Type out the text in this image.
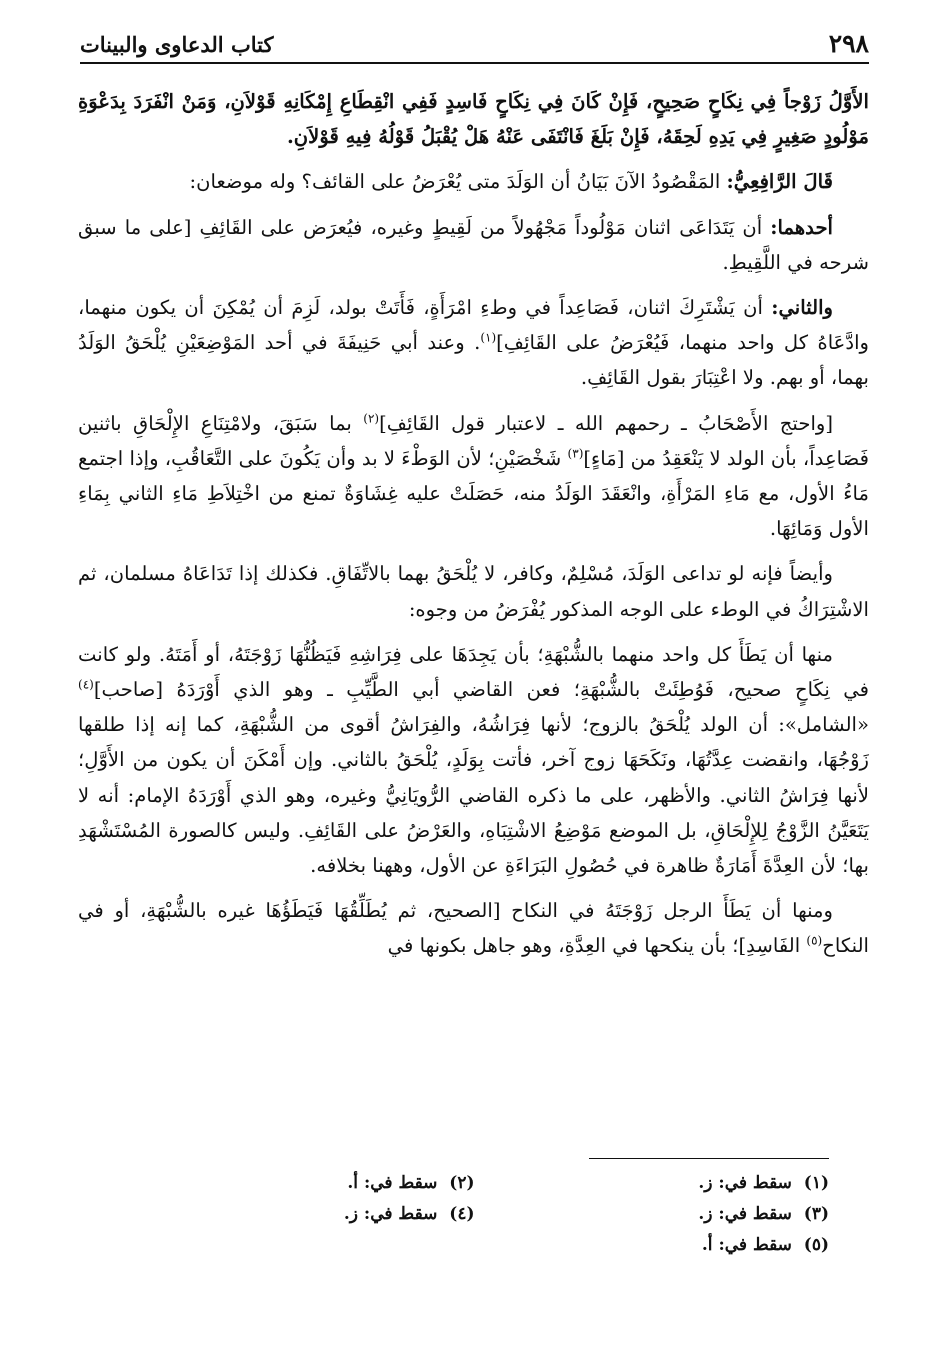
٢٩٨
كتاب الدعاوى والبينات

الأَوَّلُ زَوْجاً فِي نِكَاحٍ صَحِيحٍ، فَإِنْ كَانَ فِي نِكَاحٍ فَاسِدٍ فَفِي انْقِطَاعِ إِمْكَانِهِ قَوْلاَنِ، وَمَنْ انْفَرَدَ بِدَعْوَةِ مَوْلُودٍ صَغِيرٍ فِي يَدِهِ لَحِقَهُ، فَإِنْ بَلَغَ فَانْتَفَى عَنْهُ هَلْ يُقْبَلُ قَوْلُهُ فِيهِ قَوْلاَنِ.

قَالَ الرَّافِعِيُّ: المَقْصُودُ الآنَ بَيَانُ أن الوَلَدَ متى يُعْرَضُ على القائف؟ وله موضعان:

أحدهما: أن يَتَدَاعَى اثنان مَوْلُوداً مَجْهُولاً من لَقِيطٍ وغيره، فيُعرَض على القَائِفِ [على ما سبق شرحه في اللَّقِيطِ.

والثاني: أن يَشْتَرِكَ اثنان، فَصَاعِداً في وطءِ امْرَأَةٍ، فَأَتَتْ بولد، لَزِمَ أن يُمْكِنَ أن يكون منهما، وادَّعَاهُ كل واحد منهما، فَيُعْرَضُ على القَائِفِ]$^{(١)}$. وعند أبي حَنِيفَةَ في أحد المَوْضِعَيْنِ يُلْحَقُ الوَلَدُ بهما، أو بهم. ولا اعْتِبَارَ بقول القَائِفِ.

[واحتج الأَصْحَابُ ـ رحمهم الله ـ لاعتبار قول القَائِفِ]$^{(٢)}$ بما سَبَقَ، ولامْتِنَاعِ الإِلْحَاقِ باثنين فَصَاعِداً، بأن الولد لا يَنْعَقِدُ من [مَاءٍ]$^{(٣)}$ شَخْصَيْنِ؛ لأن الوَطْءَ لا بد وأن يَكُونَ على التَّعَاقُبِ، وإذا اجتمع مَاءُ الأول، مع مَاءِ المَرْأَةِ، وانْعَقَدَ الوَلَدُ منه، حَصَلَتْ عليه غِشَاوَةٌ تمنع من اخْتِلاَطِ مَاءِ الثاني بِمَاءِ الأول وَمَائِهَا.

وأيضاً فإنه لو تداعى الوَلَدَ، مُسْلِمٌ، وكافر، لا يُلْحَقُ بهما بالاتِّفَاقِ. فكذلك إذا تَدَاعَاهُ مسلمان، ثم الاشْتِرَاكُ في الوطء على الوجه المذكور يُفْرَضُ من وجوه:

منها أن يَطَأَ كل واحد منهما بالشُّبْهَةِ؛ بأن يَجِدَهَا على فِرَاشِهِ فَيَظُنُّهَا زَوْجَتَهُ، أو أَمَتَهُ. ولو كانت في نِكَاحٍ صحيح، فَوُطِئَتْ بالشُّبْهَةِ؛ فعن القاضي أبي الطَّيِّبِ ـ وهو الذي أَوْرَدَهُ [صاحب]$^{(٤)}$ «الشامل»: أن الولد يُلْحَقُ بالزوج؛ لأنها فِرَاشُهُ، والفِرَاشُ أقوى من الشُّبْهَةِ، كما إنه إذا طلقها زَوْجُهَا، وانقضت عِدَّتُهَا، ونَكَحَهَا زوج آخر، فأتت بِوَلَدٍ، يُلْحَقُ بالثاني. وإن أَمْكَنَ أن يكون من الأَوَّلِ؛ لأنها فِرَاشُ الثاني. والأظهر، على ما ذكره القاضي الرُّويَانِيُّ وغيره، وهو الذي أَوْرَدَهُ الإمام: أنه لا يَتَعَيَّنُ الزَّوْجُ لِلإِلْحَاقِ، بل الموضع مَوْضِعُ الاشْتِبَاهِ، والعَرْضُ على القَائِفِ. وليس كالصورة المُسْتَشْهَدِ بها؛ لأن العِدَّةَ أَمَارَةٌ ظاهرة في حُصُولِ البَرَاءَةِ عن الأول، وههنا بخلافه.

ومنها أن يَطَأَ الرجل زَوْجَتَهُ في النكاح [الصحيح، ثم يُطَلِّقُهَا فَيَطَؤُهَا غيره بالشُّبْهَةِ، أو في النكاح$^{(٥)}$ الفَاسِدِ]؛ بأن ينكحها في العِدَّةِ، وهو جاهل بكونها في

(١)  سقط في: ز.
(٢)  سقط في: أ.
(٣)  سقط في: ز.
(٤)  سقط في: ز.
(٥)  سقط في: أ.
